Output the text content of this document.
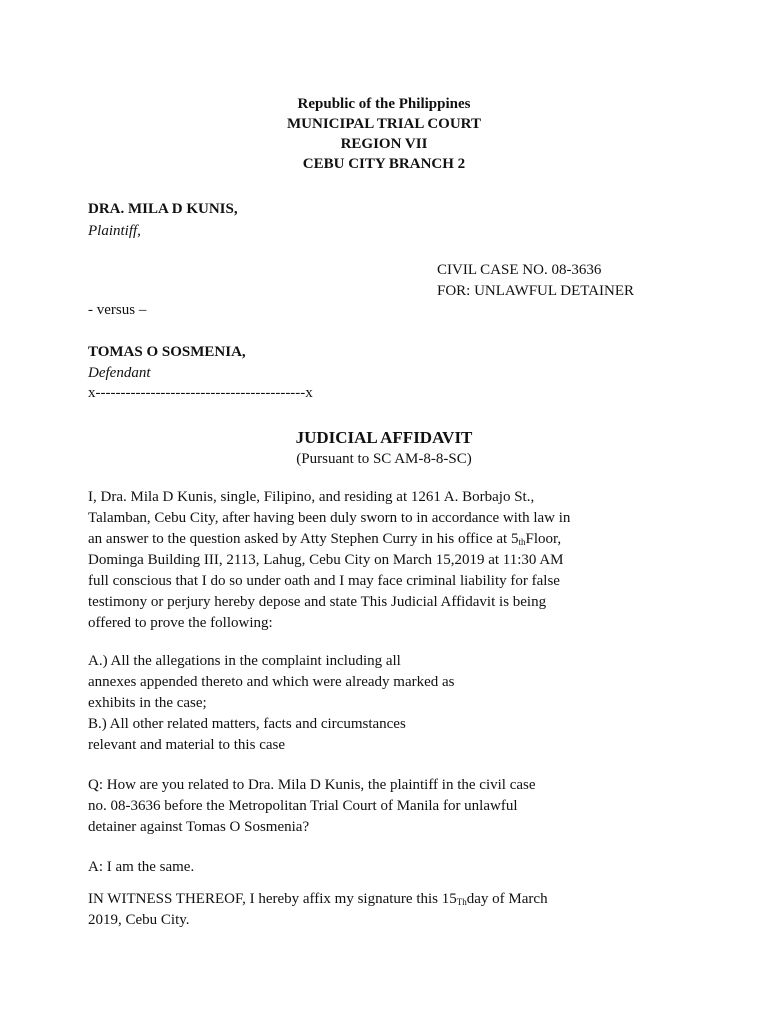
Republic of the Philippines
MUNICIPAL TRIAL COURT
REGION VII
CEBU CITY BRANCH 2
DRA. MILA D KUNIS,
Plaintiff,
CIVIL CASE NO. 08-3636
FOR: UNLAWFUL DETAINER
- versus –
TOMAS O SOSMENIA,
Defendant
x------------------------------------------x
JUDICIAL AFFIDAVIT
(Pursuant to SC AM-8-8-SC)
I, Dra. Mila D Kunis, single, Filipino, and residing at 1261 A. Borbajo St.,
Talamban, Cebu City, after having been duly sworn to in accordance with law in
an answer to the question asked by Atty Stephen Curry in his office at $5_{th}Floor$,
Dominga Building III, 2113, Lahug, Cebu City on March 15,2019 at 11:30 AM
full conscious that I do so under oath and I may face criminal liability for false
testimony or perjury hereby depose and state This Judicial Affidavit is being
offered to prove the following:
A.) All the allegations in the complaint including all
annexes appended thereto and which were already marked as
exhibits in the case;
B.) All other related matters, facts and circumstances
relevant and material to this case
Q: How are you related to Dra. Mila D Kunis, the plaintiff in the civil case
no. 08-3636 before the Metropolitan Trial Court of Manila for unlawful
detainer against Tomas O Sosmenia?
A: I am the same.
IN WITNESS THEREOF, I hereby affix my signature this $15_{Th}day$ of March
2019, Cebu City.
